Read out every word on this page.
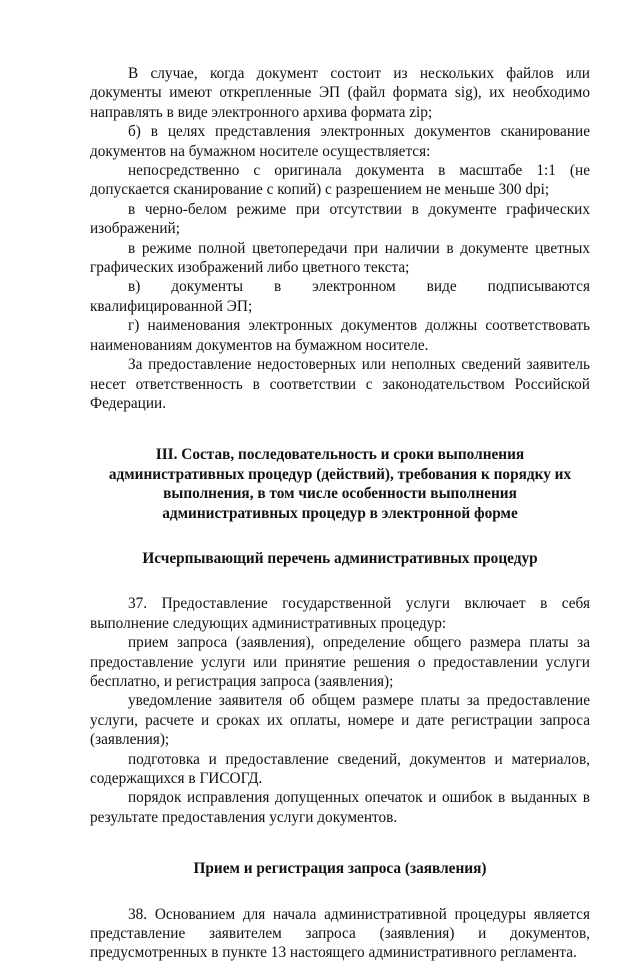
В случае, когда документ состоит из нескольких файлов или документы имеют открепленные ЭП (файл формата sig), их необходимо направлять в виде электронного архива формата zip;

б) в целях представления электронных документов сканирование документов на бумажном носителе осуществляется:

непосредственно с оригинала документа в масштабе 1:1 (не допускается сканирование с копий) с разрешением не меньше 300 dpi;

в черно-белом режиме при отсутствии в документе графических изображений;

в режиме полной цветопередачи при наличии в документе цветных графических изображений либо цветного текста;

в) документы в электронном виде подписываются квалифицированной ЭП;

г) наименования электронных документов должны соответствовать наименованиям документов на бумажном носителе.

За предоставление недостоверных или неполных сведений заявитель несет ответственность в соответствии с законодательством Российской Федерации.

III. Состав, последовательность и сроки выполнения административных процедур (действий), требования к порядку их выполнения, в том числе особенности выполнения административных процедур в электронной форме

Исчерпывающий перечень административных процедур

37. Предоставление государственной услуги включает в себя выполнение следующих административных процедур:

прием запроса (заявления), определение общего размера платы за предоставление услуги или принятие решения о предоставлении услуги бесплатно, и регистрация запроса (заявления);

уведомление заявителя об общем размере платы за предоставление услуги, расчете и сроках их оплаты, номере и дате регистрации запроса (заявления);

подготовка и предоставление сведений, документов и материалов, содержащихся в ГИСОГД.

порядок исправления допущенных опечаток и ошибок в выданных в результате предоставления услуги документов.

Прием и регистрация запроса (заявления)

38. Основанием для начала административной процедуры является представление заявителем запроса (заявления) и документов, предусмотренных в пункте 13 настоящего административного регламента.
